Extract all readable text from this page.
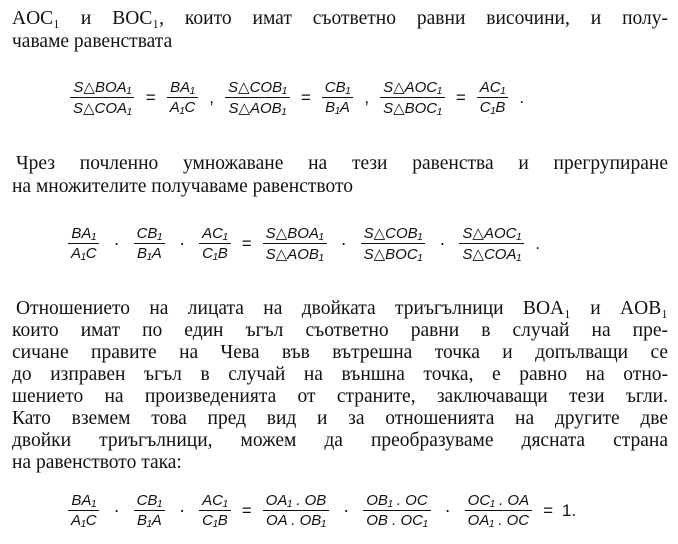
AOC₁ и BOC₁, които имат съответно равни височини, и полу-
чаваме равенствата
$\frac{\text{S△BOA₁}}{\text{S△COA₁}} = \frac{\text{BA₁}}{\text{A₁C}}$ , $\frac{\text{S△COB₁}}{\text{S△AOB₁}} = \frac{\text{CB₁}}{\text{B₁A}}$ , $\frac{\text{S△AOC₁}}{\text{S△BOC₁}} = \frac{\text{AC₁}}{\text{C₁B}}$ .
Чрез почленно умножаване на тези равенства и прегрупиране
на множителите получаваме равенството
$\frac{\text{BA₁}}{\text{A₁C}} \cdot \frac{\text{CB₁}}{\text{B₁A}} \cdot \frac{\text{AC₁}}{\text{C₁B}} = \frac{\text{S△BOA₁}}{\text{S△AOB₁}} \cdot \frac{\text{S△COB₁}}{\text{S△BOC₁}} \cdot \frac{\text{S△AOC₁}}{\text{S△COA₁}}$ .
Отношението на лицата на двойката триъгълници BOA₁ и AOB₁
които имат по един ъгъл съответно равни в случай на пре-
сичане правите на Чева във вътрешна точка и допълващи се
до изправен ъгъл в случай на външна точка, е равно на отно-
шението на произведенията от страните, заключаващи тези ъгли.
Като вземем това пред вид и за отношенията на другите две
двойки триъгълници, можем да преобразуваме дясната страна
на равенството така:
$\frac{\text{BA₁}}{\text{A₁C}} \cdot \frac{\text{CB₁}}{\text{B₁A}} \cdot \frac{\text{AC₁}}{\text{C₁B}} = \frac{\text{OA₁ . OB}}{\text{OA . OB₁}} \cdot \frac{\text{OB₁ . OC}}{\text{OB . OC₁}} \cdot \frac{\text{OC₁ . OA}}{\text{OA₁ . OC}} = 1$.
